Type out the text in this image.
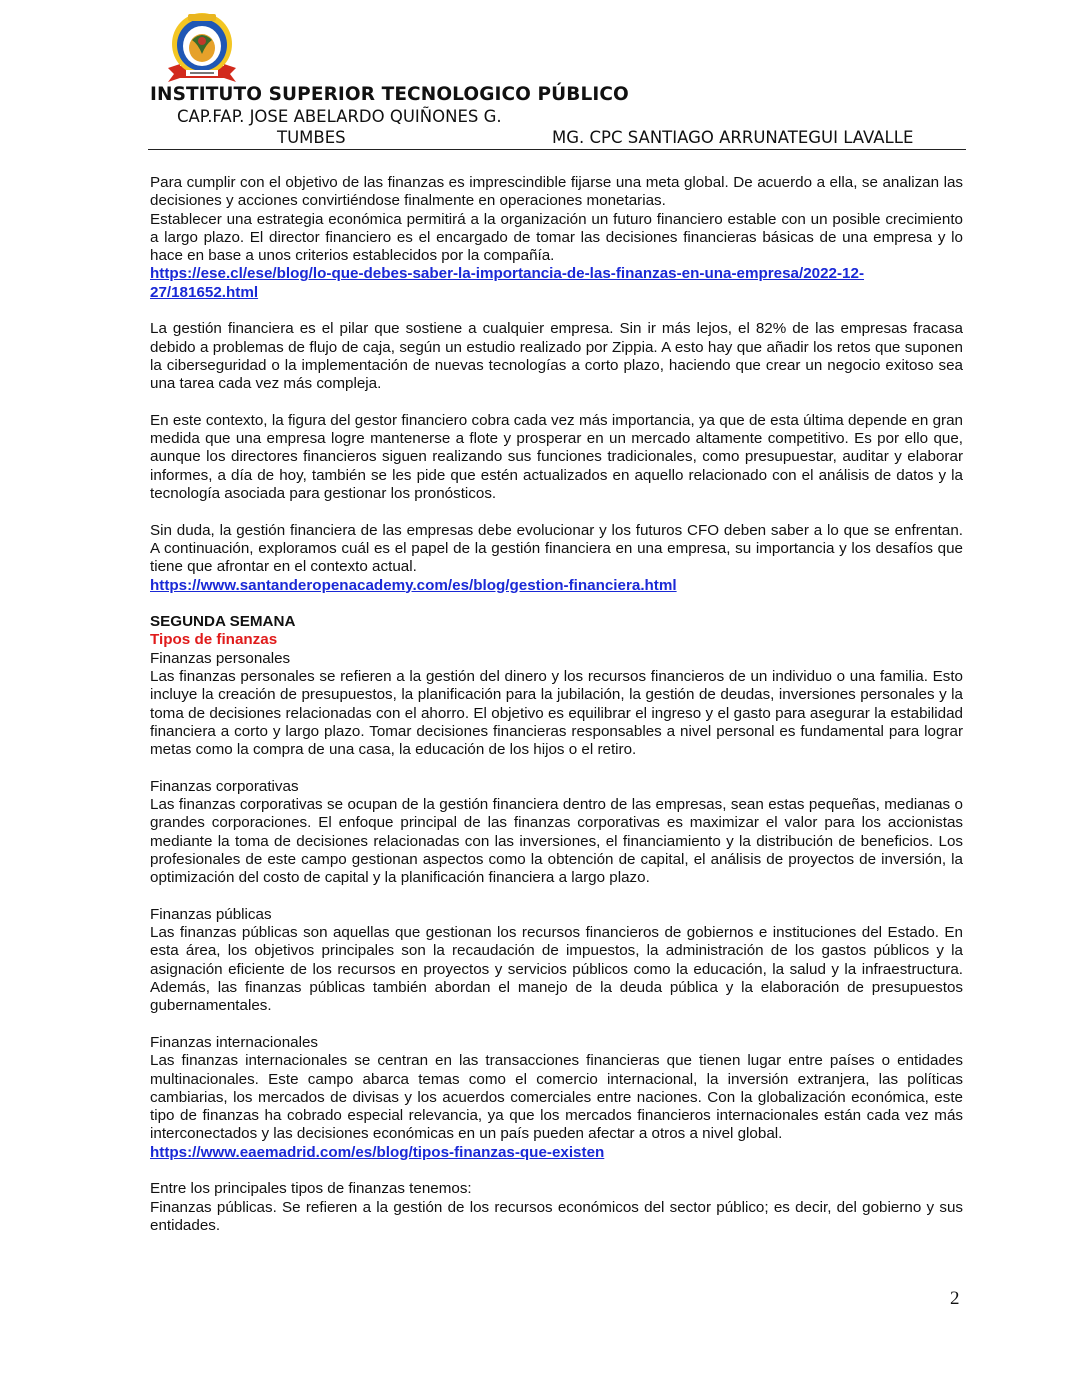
INSTITUTO SUPERIOR TECNOLOGICO PÚBLICO
CAP.FAP. JOSE ABELARDO QUIÑONES G.
TUMBES	MG. CPC SANTIAGO ARRUNATEGUI LAVALLE

Para cumplir con el objetivo de las finanzas es imprescindible fijarse una meta global. De acuerdo a ella, se analizan las decisiones y acciones convirtiéndose finalmente en operaciones monetarias.

Establecer una estrategia económica permitirá a la organización un futuro financiero estable con un posible crecimiento a largo plazo. El director financiero es el encargado de tomar las decisiones financieras básicas de una empresa y lo hace en base a unos criterios establecidos por la compañía.

https://ese.cl/ese/blog/lo-que-debes-saber-la-importancia-de-las-finanzas-en-una-empresa/2022-12-27/181652.html

La gestión financiera es el pilar que sostiene a cualquier empresa. Sin ir más lejos, el 82% de las empresas fracasa debido a problemas de flujo de caja, según un estudio realizado por Zippia. A esto hay que añadir los retos que suponen la ciberseguridad o la implementación de nuevas tecnologías a corto plazo, haciendo que crear un negocio exitoso sea una tarea cada vez más compleja.

En este contexto, la figura del gestor financiero cobra cada vez más importancia, ya que de esta última depende en gran medida que una empresa logre mantenerse a flote y prosperar en un mercado altamente competitivo. Es por ello que, aunque los directores financieros siguen realizando sus funciones tradicionales, como presupuestar, auditar y elaborar informes, a día de hoy, también se les pide que estén actualizados en aquello relacionado con el análisis de datos y la tecnología asociada para gestionar los pronósticos.

Sin duda, la gestión financiera de las empresas debe evolucionar y los futuros CFO deben saber a lo que se enfrentan. A continuación, exploramos cuál es el papel de la gestión financiera en una empresa, su importancia y los desafíos que tiene que afrontar en el contexto actual.

https://www.santanderopenacademy.com/es/blog/gestion-financiera.html

SEGUNDA SEMANA

Tipos de finanzas

Finanzas personales

Las finanzas personales se refieren a la gestión del dinero y los recursos financieros de un individuo o una familia. Esto incluye la creación de presupuestos, la planificación para la jubilación, la gestión de deudas, inversiones personales y la toma de decisiones relacionadas con el ahorro. El objetivo es equilibrar el ingreso y el gasto para asegurar la estabilidad financiera a corto y largo plazo. Tomar decisiones financieras responsables a nivel personal es fundamental para lograr metas como la compra de una casa, la educación de los hijos o el retiro.

Finanzas corporativas

Las finanzas corporativas se ocupan de la gestión financiera dentro de las empresas, sean estas pequeñas, medianas o grandes corporaciones. El enfoque principal de las finanzas corporativas es maximizar el valor para los accionistas mediante la toma de decisiones relacionadas con las inversiones, el financiamiento y la distribución de beneficios. Los profesionales de este campo gestionan aspectos como la obtención de capital, el análisis de proyectos de inversión, la optimización del costo de capital y la planificación financiera a largo plazo.

Finanzas públicas

Las finanzas públicas son aquellas que gestionan los recursos financieros de gobiernos e instituciones del Estado. En esta área, los objetivos principales son la recaudación de impuestos, la administración de los gastos públicos y la asignación eficiente de los recursos en proyectos y servicios públicos como la educación, la salud y la infraestructura. Además, las finanzas públicas también abordan el manejo de la deuda pública y la elaboración de presupuestos gubernamentales.

Finanzas internacionales

Las finanzas internacionales se centran en las transacciones financieras que tienen lugar entre países o entidades multinacionales. Este campo abarca temas como el comercio internacional, la inversión extranjera, las políticas cambiarias, los mercados de divisas y los acuerdos comerciales entre naciones. Con la globalización económica, este tipo de finanzas ha cobrado especial relevancia, ya que los mercados financieros internacionales están cada vez más interconectados y las decisiones económicas en un país pueden afectar a otros a nivel global.

https://www.eaemadrid.com/es/blog/tipos-finanzas-que-existen

Entre los principales tipos de finanzas tenemos:

Finanzas públicas. Se refieren a la gestión de los recursos económicos del sector público; es decir, del gobierno y sus entidades.

2
